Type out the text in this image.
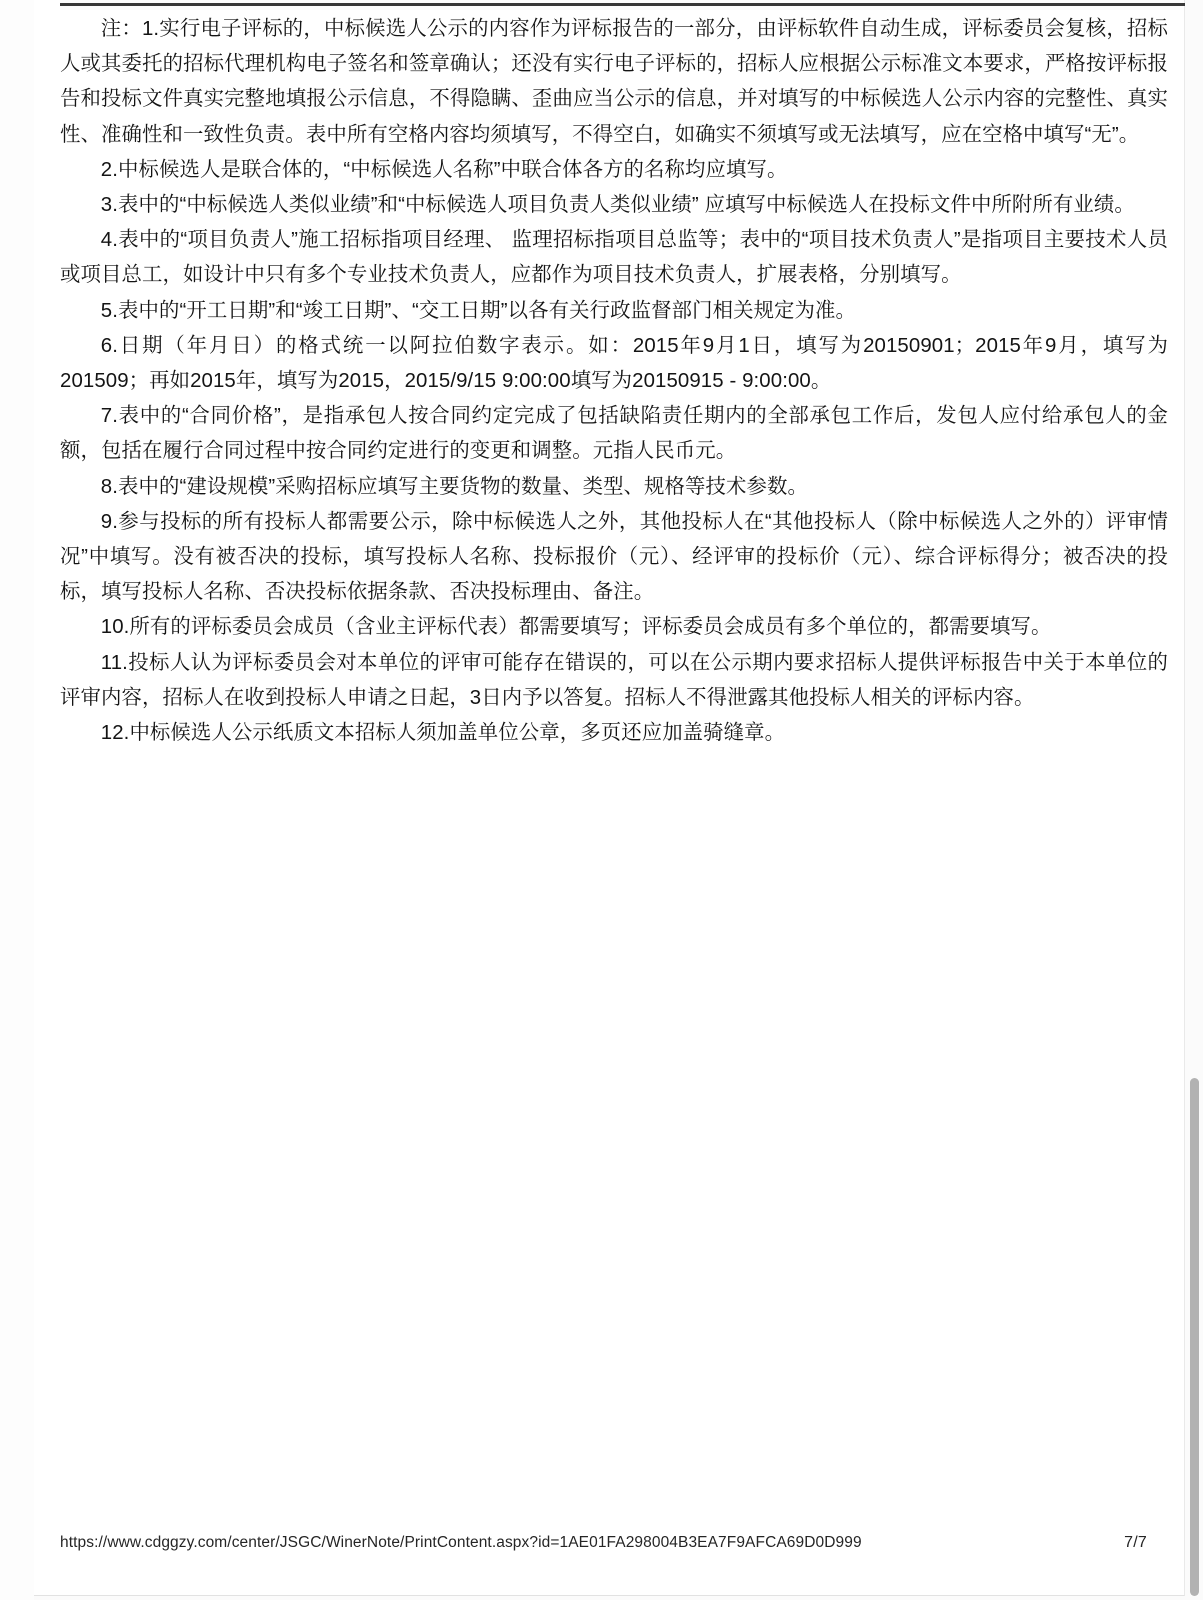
注：1.实行电子评标的，中标候选人公示的内容作为评标报告的一部分，由评标软件自动生成，评标委员会复核，招标人或其委托的招标代理机构电子签名和签章确认；还没有实行电子评标的，招标人应根据公示标准文本要求，严格按评标报告和投标文件真实完整地填报公示信息，不得隐瞒、歪曲应当公示的信息，并对填写的中标候选人公示内容的完整性、真实性、准确性和一致性负责。表中所有空格内容均须填写，不得空白，如确实不须填写或无法填写，应在空格中填写“无”。

2.中标候选人是联合体的，“中标候选人名称”中联合体各方的名称均应填写。

3.表中的“中标候选人类似业绩”和“中标候选人项目负责人类似业绩” 应填写中标候选人在投标文件中所附所有业绩。

4.表中的“项目负责人”施工招标指项目经理、 监理招标指项目总监等；表中的“项目技术负责人”是指项目主要技术人员或项目总工，如设计中只有多个专业技术负责人，应都作为项目技术负责人，扩展表格，分别填写。

5.表中的“开工日期”和“竣工日期”、“交工日期”以各有关行政监督部门相关规定为准。

6.日期（年月日）的格式统一以阿拉伯数字表示。如：2015年9月1日，填写为20150901；2015年9月，填写为201509；再如2015年，填写为2015，2015/9/15 9:00:00填写为20150915 - 9:00:00。

7.表中的“合同价格”，是指承包人按合同约定完成了包括缺陷责任期内的全部承包工作后，发包人应付给承包人的金额，包括在履行合同过程中按合同约定进行的变更和调整。元指人民币元。

8.表中的“建设规模”采购招标应填写主要货物的数量、类型、规格等技术参数。

9.参与投标的所有投标人都需要公示，除中标候选人之外，其他投标人在“其他投标人（除中标候选人之外的）评审情况”中填写。没有被否决的投标，填写投标人名称、投标报价（元）、经评审的投标价（元）、综合评标得分；被否决的投标，填写投标人名称、否决投标依据条款、否决投标理由、备注。

10.所有的评标委员会成员（含业主评标代表）都需要填写；评标委员会成员有多个单位的，都需要填写。

11.投标人认为评标委员会对本单位的评审可能存在错误的，可以在公示期内要求招标人提供评标报告中关于本单位的评审内容，招标人在收到投标人申请之日起，3日内予以答复。招标人不得泄露其他投标人相关的评标内容。

12.中标候选人公示纸质文本招标人须加盖单位公章，多页还应加盖骑缝章。

https://www.cdggzy.com/center/JSGC/WinerNote/PrintContent.aspx?id=1AE01FA298004B3EA7F9AFCA69D0D999	7/7
